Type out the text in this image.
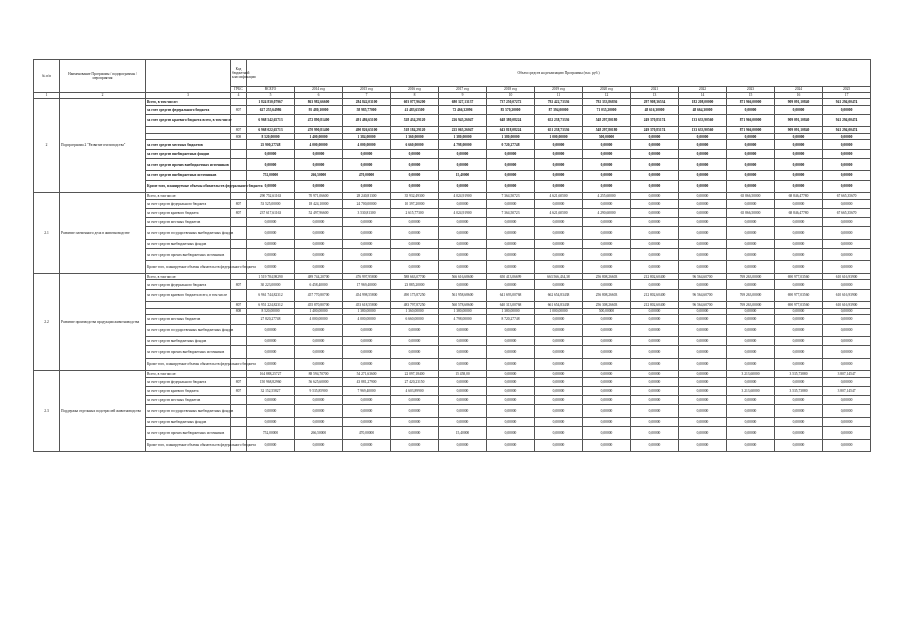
№ п/п	Наименование Программы / подпрограммы / мероприятия		Код бюджетной классификации	Объем средств на реализацию Программы (тыс. руб.)												
			ГРБС	ВСЕГО	2014 год	2015 год	2016 год	2017 год	2018 год	2019 год	2020 год	2021	2022	2023	2024	2025
1	2	3	4	5	6	7	8	9	10	11	12	13	14	15	16	17
2	Подпрограмма 2 "Развитие пчеловодства"	Всего, в том числе:		1 824 830,07967	863 982,66600	284 842,03100	603 077,96200	680 327,13137	737 250,07272	792 422,73336	792 333,86836	297 908,36534	182 208,00000	871 966,00000	909 091,10840	941 294,00474
		за счет средств федерального бюджета	807	627 255,64986	95 480,10000	58 985,77000	41 483,65500	72 466,32096	85 570,20000	87 394,00000	71 035,20000	48 616,30000	48 664,30000	0,00000	0,00000	0,00000
		за счет средств краевого бюджета всего, в том числе		6 968 542,65713	472 890,81400	491 486,65100	528 434,29120	226 945,26047	648 380,08224	652 238,73336	548 297,80180	249 370,85174	133 633,90560	871 966,00000	909 091,10840	941 294,00474
			807	6 968 022,65713	470 990,81400	490 826,65100	518 184,29120	225 065,26047	643 818,08224	651 238,73336	548 297,80180	249 370,85174	133 633,90560	871 966,00000	909 091,10840	941 294,00474
			808	8 520,00000	1 400,00000	1 384,00000	1 360,00000	1 380,00000	1 380,00000	1 000,00000	500,00000	0,00000	0,00000	0,00000	0,00000	0,00000
		за счет средств местных бюджетов		25 900,27748	4 000,00000	4 000,00000	6 660,00000	4 798,00000	0 720,27748	0,00000	0,00000	0,00000	0,00000	0,00000	0,00000	0,00000
		за счет средств внебюджетных фондов		0,00000	0,00000	0,00000	0,00000	0,00000	0,00000	0,00000	0,00000	0,00000	0,00000	0,00000	0,00000	0,00000
		за счет средств прочих внебюджетных источников		0,00000	0,00000	0,00000	0,00000	0,00000	0,00000	0,00000	0,00000	0,00000	0,00000	0,00000	0,00000	0,00000
		за счет средств внебюджетных источников		752,00000	266,50000	470,00000	0,00000	15,40000	0,00000	0,00000	0,00000	0,00000	0,00000	0,00000	0,00000	0,00000
		Кроме того, планируемые объемы обязательств федерального бюджета		0,00000	0,00000	0,00000	0,00000	0,00000	0,00000	0,00000	0,00000	0,00000	0,00000	0,00000	0,00000	0,00000
2.1	Развитие племенного дела в животноводстве	Всего, в том числе:		290 752,61163	70 971,06600	28 240,81300	35 932,49300	4 024,91900	7 364,50723	4 621,60500	4 255,60000	0,00000	0,00000	65 866,50000	68 846,47780	67 665,35670
		за счет средств федерального бюджета	807	53 525,00000	18 424,10000	24 700,00000	10 397,20000	0,00000	0,00000	0,00000	0,00000	0,00000	0,00000	0,00000	0,00000	0,00000
		за счет средств краевого бюджета	807	237 617,61163	52 497,96600	3 530,81300	2 615,77300	4 024,91900	7 364,50723	4 621,60500	4 290,60000	0,00000	0,00000	65 866,50000	68 846,47780	67 665,35670
		за счет средств местных бюджетов		0,00000	0,00000	0,00000	0,00000	0,00000	0,00000	0,00000	0,00000	0,00000	0,00000	0,00000	0,00000	0,00000
		за счет средств государственных внебюджетных фондов		0,00000	0,00000	0,00000	0,00000	0,00000	0,00000	0,00000	0,00000	0,00000	0,00000	0,00000	0,00000	0,00000
		за счет средств внебюджетных фондов		0,00000	0,00000	0,00000	0,00000	0,00000	0,00000	0,00000	0,00000	0,00000	0,00000	0,00000	0,00000	0,00000
		за счет средств прочих внебюджетных источников		0,00000	0,00000	0,00000	0,00000	0,00000	0,00000	0,00000	0,00000	0,00000	0,00000	0,00000	0,00000	0,00000
		Кроме того, планируемые объемы обязательств федерального бюджета		0,00000	0,00000	0,00000	0,00000	0,00000	0,00000	0,00000	0,00000	0,00000	0,00000	0,00000	0,00000	0,00000
2.2	Развитие производства продукции животноводства	Всего, в том числе:		1 519 784,98290	489 744,20700	476 997,95800	588 663,07700	566 616,68600	650 413,06699	663 566,434,38	256 808,26603	212 802,60400	96 564,60700	769 263,00000	690 977,03560	610 616,93900
		за счет средств федерального бюджета	807	30 223,00000	6 458,40000	17 969,40000	23 885,20000	0,00000	0,00000	0,00000	0,00000	0,00000	0,00000	0,00000	0,00000	0,00000
		за счет средств краевого бюджета всего, в том числе		6 961 744,82312	457 770,80700	454 998,55800	490 175,87250	561 958,68600	641 693,00768	662 654,83438	256 808,26603	212 802,60400	96 564,60700	769 263,00000	690 977,03560	610 616,93900
			807	6 951 224,82312	455 870,80700	453 618,55800	483 797,87250	560 578,68600	640 313,00768	661 654,83438	256 308,26603	212 802,60400	96 564,60700	769 263,00000	690 977,03560	610 616,93900
			808	8 520,00000	1 400,00000	1 380,00000	1 360,00000	1 380,00000	1 380,00000	1 000,00000	500,00000	0,00000	0,00000	0,00000	0,00000	0,00000
		за счет средств местных бюджетов		27 820,27748	4 000,00000	4 000,00000	6 660,00000	4 798,00000	8 720,27748	0,00000	0,00000	0,00000	0,00000	0,00000	0,00000	0,00000
		за счет средств государственных внебюджетных фондов		0,00000	0,00000	0,00000	0,00000	0,00000	0,00000	0,00000	0,00000	0,00000	0,00000	0,00000	0,00000	0,00000
		за счет средств внебюджетных фондов		0,00000	0,00000	0,00000	0,00000	0,00000	0,00000	0,00000	0,00000	0,00000	0,00000	0,00000	0,00000	0,00000
		за счет средств прочих внебюджетных источников		0,00000	0,00000	0,00000	0,00000	0,00000	0,00000	0,00000	0,00000	0,00000	0,00000	0,00000	0,00000	0,00000
		Кроме того, планируемые объемы обязательств федерального бюджета		0,00000	0,00000	0,00000	0,00000	0,00000	0,00000	0,00000	0,00000	0,00000	0,00000	0,00000	0,00000	0,00000
2.3	Поддержка отдельных подотраслей животноводства	Всего, в том числе:		164 888,25727	88 594,70700	54 271,63600	22 097,18400	15 458,00	0,00000	0,00000	0,00000	0,00000	0,00000	3 213,60000	3 535,73880	3 807,14547
		за счет средств федерального бюджета	807	150 968,82960	56 625,60000	43 881,27900	27 420,23150	0,00000	0,00000	0,00000	0,00000	0,00000	0,00000	0,00000	0,00000	0,00000
		за счет средств краевого бюджета	807	32 152,55827	9 535,85900	7 969,40000	4 603,89900	0,00000	0,00000	0,00000	0,00000	0,00000	0,00000	3 213,60000	3 535,73880	3 807,14547
		за счет средств местных бюджетов		0,00000	0,00000	0,00000	0,00000	0,00000	0,00000	0,00000	0,00000	0,00000	0,00000	0,00000	0,00000	0,00000
		за счет средств государственных внебюджетных фондов		0,00000	0,00000	0,00000	0,00000	0,00000	0,00000	0,00000	0,00000	0,00000	0,00000	0,00000	0,00000	0,00000
		за счет средств внебюджетных фондов		0,00000	0,00000	0,00000	0,00000	0,00000	0,00000	0,00000	0,00000	0,00000	0,00000	0,00000	0,00000	0,00000
		за счет средств прочих внебюджетных источников		752,00000	266,50000	470,00000	0,00000	15,40000	0,00000	0,00000	0,00000	0,00000	0,00000	0,00000	0,00000	0,00000
		Кроме того, планируемые объемы обязательств федерального бюджета		0,00000	0,00000	0,00000	0,00000	0,00000	0,00000	0,00000	0,00000	0,00000	0,00000	0,00000	0,00000	0,00000
